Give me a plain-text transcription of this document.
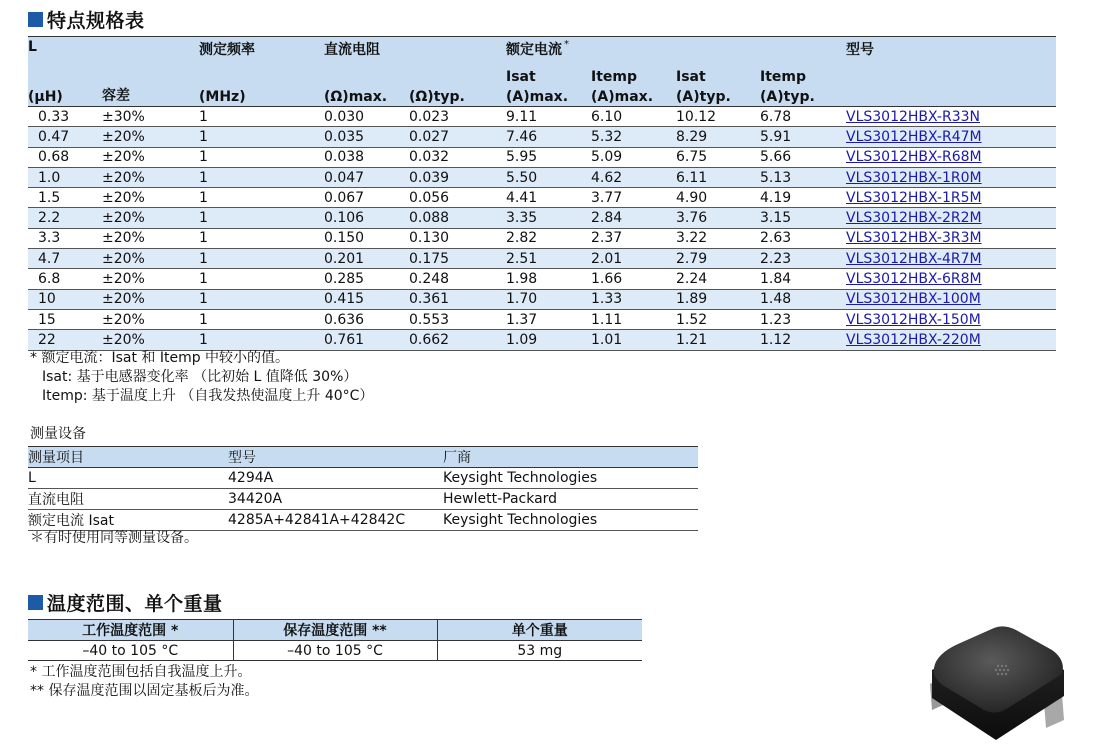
特点规格表
L		测定频率	直流电阻		额定电流 *				型号
					Isat	Itemp	Isat	Itemp	
(μH)	容差	(MHz)	(Ω)max.	(Ω)typ.	(A)max.	(A)max.	(A)typ.	(A)typ.	
0.33	±30%	1	0.030	0.023	9.11	6.10	10.12	6.78	VLS3012HBX-R33N
0.47	±20%	1	0.035	0.027	7.46	5.32	8.29	5.91	VLS3012HBX-R47M
0.68	±20%	1	0.038	0.032	5.95	5.09	6.75	5.66	VLS3012HBX-R68M
1.0	±20%	1	0.047	0.039	5.50	4.62	6.11	5.13	VLS3012HBX-1R0M
1.5	±20%	1	0.067	0.056	4.41	3.77	4.90	4.19	VLS3012HBX-1R5M
2.2	±20%	1	0.106	0.088	3.35	2.84	3.76	3.15	VLS3012HBX-2R2M
3.3	±20%	1	0.150	0.130	2.82	2.37	3.22	2.63	VLS3012HBX-3R3M
4.7	±20%	1	0.201	0.175	2.51	2.01	2.79	2.23	VLS3012HBX-4R7M
6.8	±20%	1	0.285	0.248	1.98	1.66	2.24	1.84	VLS3012HBX-6R8M
10	±20%	1	0.415	0.361	1.70	1.33	1.89	1.48	VLS3012HBX-100M
15	±20%	1	0.636	0.553	1.37	1.11	1.52	1.23	VLS3012HBX-150M
22	±20%	1	0.761	0.662	1.09	1.01	1.21	1.12	VLS3012HBX-220M
* 额定电流：Isat 和 Itemp 中较小的值。
Isat: 基于电感器变化率 （比初始 L 值降低 30%）
Itemp: 基于温度上升 （自我发热使温度上升 40°C）
测量设备
测量项目	型号	厂商
L	4294A	Keysight Technologies
直流电阻	34420A	Hewlett-Packard
额定电流 Isat	4285A+42841A+42842C	Keysight Technologies
＊有时使用同等测量设备。
温度范围、单个重量
工作温度范围 *	保存温度范围 **	单个重量
–40 to 105 °C	–40 to 105 °C	53 mg
* 工作温度范围包括自我温度上升。
** 保存温度范围以固定基板后为准。
